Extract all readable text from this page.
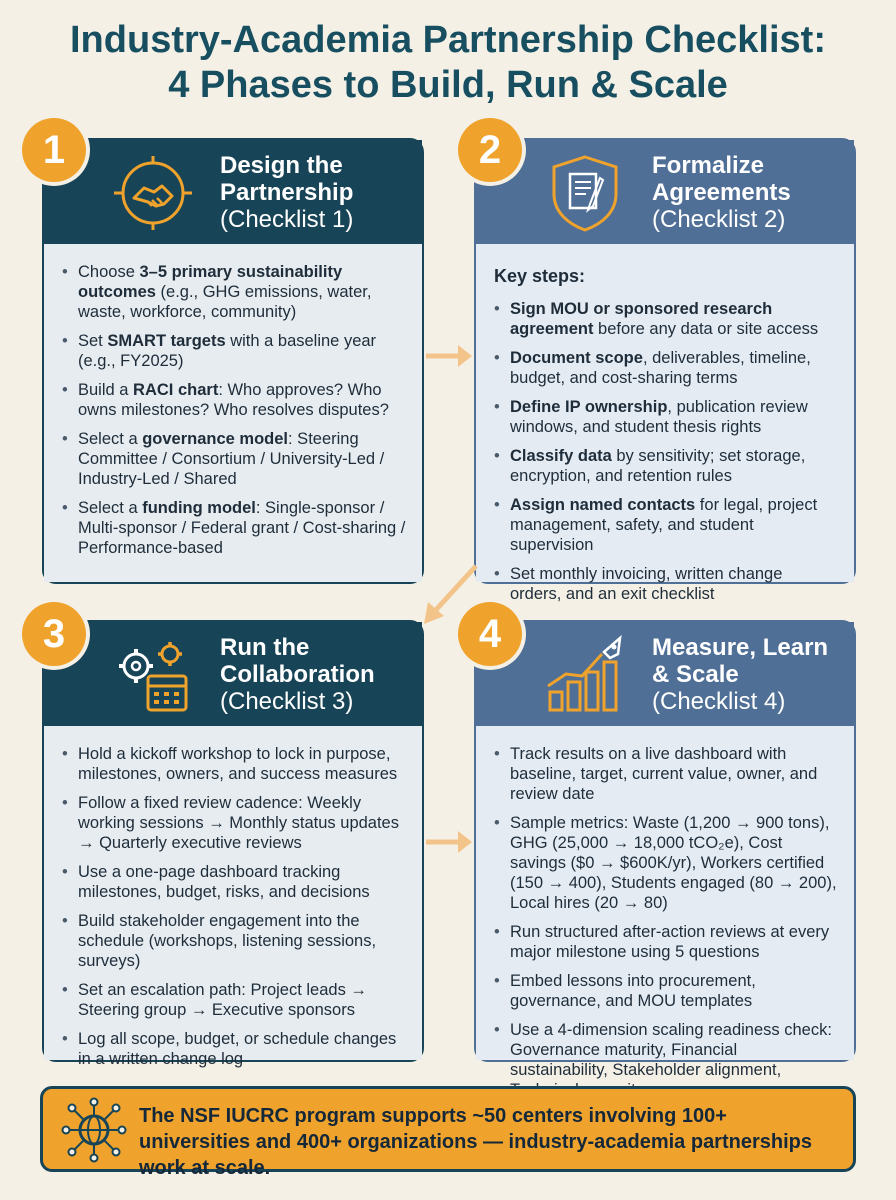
Industry-Academia Partnership Checklist:
4 Phases to Build, Run & Scale
Design the
Partnership
(Checklist 1)
• Choose 3–5 primary sustainability outcomes (e.g., GHG emissions, water, waste, workforce, community)
• Set SMART targets with a baseline year (e.g., FY2025)
• Build a RACI chart: Who approves? Who owns milestones? Who resolves disputes?
• Select a governance model: Steering Committee / Consortium / University-Led / Industry-Led / Shared
• Select a funding model: Single-sponsor / Multi-sponsor / Federal grant / Cost-sharing / Performance-based
1	Formalize
Agreements
(Checklist 2)
Key steps:
• Sign MOU or sponsored research agreement before any data or site access
• Document scope, deliverables, timeline, budget, and cost-sharing terms
• Define IP ownership, publication review windows, and student thesis rights
• Classify data by sensitivity; set storage, encryption, and retention rules
• Assign named contacts for legal, project management, safety, and student supervision
• Set monthly invoicing, written change orders, and an exit checklist
2
Run the
Collaboration
(Checklist 3)
• Hold a kickoff workshop to lock in purpose, milestones, owners, and success measures
• Follow a fixed review cadence: Weekly working sessions → Monthly status updates → Quarterly executive reviews
• Use a one-page dashboard tracking milestones, budget, risks, and decisions
• Build stakeholder engagement into the schedule (workshops, listening sessions, surveys)
• Set an escalation path: Project leads → Steering group → Executive sponsors
• Log all scope, budget, or schedule changes in a written change log
3	Measure, Learn
& Scale
(Checklist 4)
• Track results on a live dashboard with baseline, target, current value, owner, and review date
• Sample metrics: Waste (1,200 → 900 tons), GHG (25,000 → 18,000 tCO₂e), Cost savings ($0 → $600K/yr), Workers certified (150 → 400), Students engaged (80 → 200), Local hires (20 → 80)
• Run structured after-action reviews at every major milestone using 5 questions
• Embed lessons into procurement, governance, and MOU templates
• Use a 4-dimension scaling readiness check: Governance maturity, Financial sustainability, Stakeholder alignment,
4
The NSF IUCRC program supports ~50 centers involving 100+ universities and 400+ organizations — industry-academia partnerships work at scale.
